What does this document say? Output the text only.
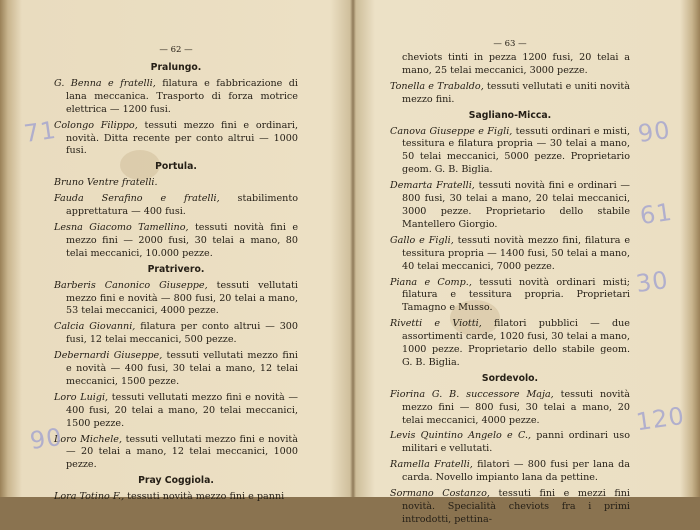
— 62 —
Pralungo.

G. Benna e fratelli, filatura e fabbricazione di lana meccanica. Trasporto di forza motrice elettrica — 1200 fusi.

Colongo Filippo, tessuti mezzo fini e ordinari, novità. Ditta recente per conto altrui — 1000 fusi.

Portula.

Bruno Ventre fratelli.

Fauda Serafino e fratelli, stabilimento apprettatura — 400 fusi.

Lesna Giacomo Tamellino, tessuti novità fini e mezzo fini — 2000 fusi, 30 telai a mano, 80 telai meccanici, 10.000 pezze.

Pratrivero.

Barberis Canonico Giuseppe, tessuti vellutati mezzo fini e novità — 800 fusi, 20 telai a mano, 53 telai meccanici, 4000 pezze.

Calcia Giovanni, filatura per conto altrui — 300 fusi, 12 telai meccanici, 500 pezze.

Debernardi Giuseppe, tessuti vellutati mezzo fini e novità — 400 fusi, 30 telai a mano, 12 telai meccanici, 1500 pezze.

Loro Luigi, tessuti vellutati mezzo fini e novità — 400 fusi, 20 telai a mano, 20 telai meccanici, 1500 pezze.

Loro Michele, tessuti vellutati mezzo fini e novità — 20 telai a mano, 12 telai meccanici, 1000 pezze.

Pray Coggiola.

Lora Totino F., tessuti novità mezzo fini e panni

— 63 —

cheviots tinti in pezza 1200 fusi, 20 telai a mano, 25 telai meccanici, 3000 pezze.

Tonella e Trabaldo, tessuti vellutati e uniti novità mezzo fini.

Sagliano-Micca.

Canova Giuseppe e Figli, tessuti ordinari e misti, tessitura e filatura propria — 30 telai a mano, 50 telai meccanici, 5000 pezze. Proprietario geom. G. B. Biglia.

Demarta Fratelli, tessuti novità fini e ordinari — 800 fusi, 30 telai a mano, 20 telai meccanici, 3000 pezze. Proprietario dello stabile Mantellero Giorgio.

Gallo e Figli, tessuti novità mezzo fini, filatura e tessitura propria — 1400 fusi, 50 telai a mano, 40 telai meccanici, 7000 pezze.

Piana e Comp., tessuti novità ordinari misti; filatura e tessitura propria. Proprietari Tamagno e Musso.

Rivetti e Viotti, filatori pubblici — due assortimenti carde, 1020 fusi, 30 telai a mano, 1000 pezze. Proprietario dello stabile geom. G. B. Biglia.

Sordevolo.

Fiorina G. B. successore Maja, tessuti novità mezzo fini — 800 fusi, 30 telai a mano, 20 telai meccanici, 4000 pezze.

Levis Quintino Angelo e C., panni ordinari uso militari e vellutati.

Ramella Fratelli, filatori — 800 fusi per lana da carda. Novello impianto lana da pettine.

Sormano Costanzo, tessuti fini e mezzi fini novità. Specialità cheviots fra i primi introdotti, pettina-

71
90
90
61
30
120
